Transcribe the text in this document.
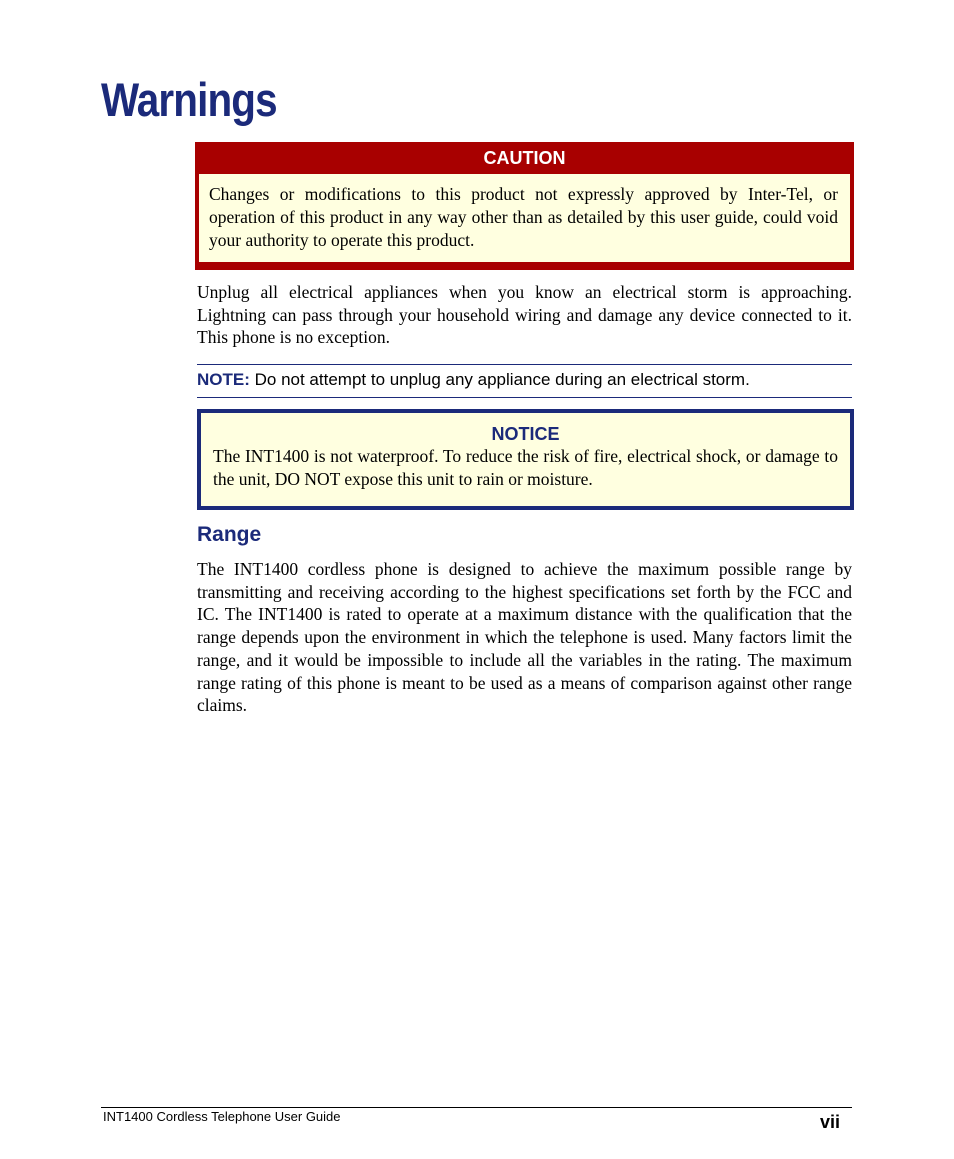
Warnings
CAUTION
Changes or modifications to this product not expressly approved by Inter-Tel, or operation of this product in any way other than as detailed by this user guide, could void your authority to operate this product.

Unplug all electrical appliances when you know an electrical storm is approaching. Lightning can pass through your household wiring and damage any device connected to it. This phone is no exception.

NOTE: Do not attempt to unplug any appliance during an electrical storm.
NOTICE
The INT1400 is not waterproof. To reduce the risk of fire, electrical shock, or damage to the unit, DO NOT expose this unit to rain or moisture.
Range

The INT1400 cordless phone is designed to achieve the maximum possible range by transmitting and receiving according to the highest specifications set forth by the FCC and IC. The INT1400 is rated to operate at a maximum distance with the qualification that the range depends upon the environment in which the telephone is used. Many factors limit the range, and it would be impossible to include all the variables in the rating. The maximum range rating of this phone is meant to be used as a means of comparison against other range claims.

INT1400 Cordless Telephone User Guide	vii
